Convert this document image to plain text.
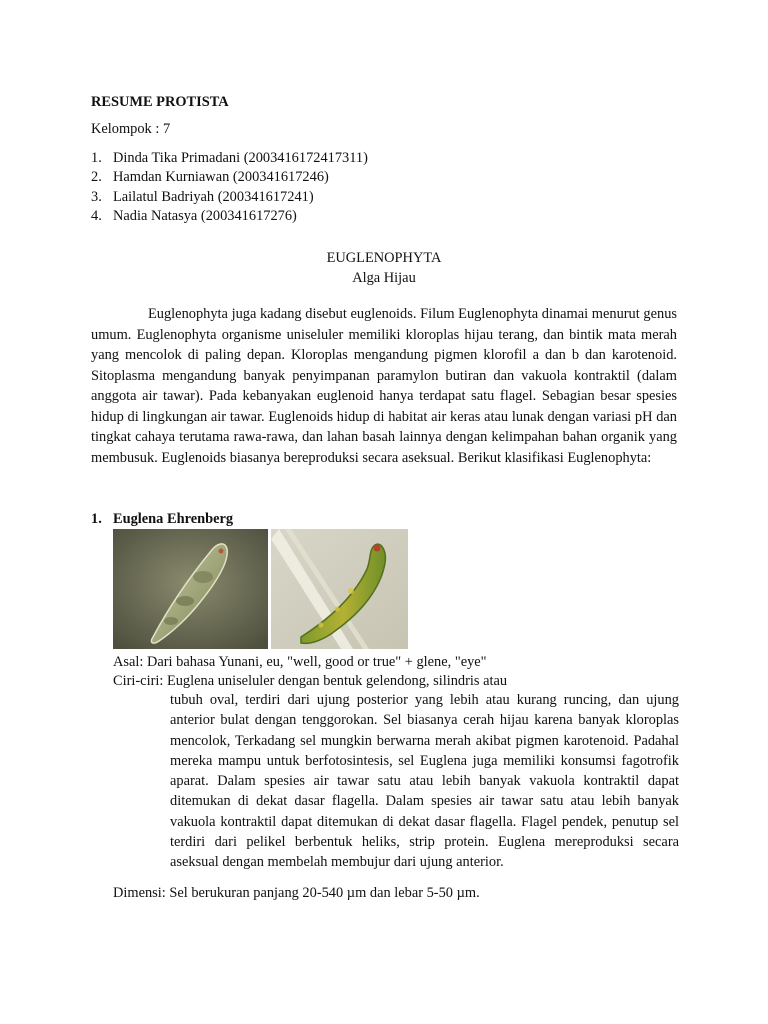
RESUME PROTISTA
Kelompok : 7
1. Dinda Tika Primadani (2003416172417311)
2. Hamdan Kurniawan (200341617246)
3. Lailatul Badriyah (200341617241)
4. Nadia Natasya (200341617276)
EUGLENOPHYTA
Alga Hijau

Euglenophyta juga kadang disebut euglenoids. Filum Euglenophyta dinamai menurut genus umum. Euglenophyta organisme uniseluler memiliki kloroplas hijau terang, dan bintik mata merah yang mencolok di paling depan. Kloroplas mengandung pigmen klorofil a dan b dan karotenoid. Sitoplasma mengandung banyak penyimpanan paramylon butiran dan vakuola kontraktil (dalam anggota air tawar). Pada kebanyakan euglenoid hanya terdapat satu flagel. Sebagian besar spesies hidup di lingkungan air tawar. Euglenoids hidup di habitat air keras atau lunak dengan variasi pH dan tingkat cahaya terutama rawa-rawa, dan lahan basah lainnya dengan kelimpahan bahan organik yang membusuk. Euglenoids biasanya bereproduksi secara aseksual. Berikut klasifikasi Euglenophyta:

1. Euglena Ehrenberg
Asal: Dari bahasa Yunani, eu, "well, good or true" + glene, "eye"
Ciri-ciri: Euglena uniseluler dengan bentuk gelendong, silindris atau

tubuh oval, terdiri dari ujung posterior yang lebih atau kurang runcing, dan ujung anterior bulat dengan tenggorokan. Sel biasanya cerah hijau karena banyak kloroplas mencolok, Terkadang sel mungkin berwarna merah akibat pigmen karotenoid. Padahal mereka mampu untuk berfotosintesis, sel Euglena juga memiliki konsumsi fagotrofik aparat. Dalam spesies air tawar satu atau lebih banyak vakuola kontraktil dapat ditemukan di dekat dasar flagella. Dalam spesies air tawar satu atau lebih banyak vakuola kontraktil dapat ditemukan di dekat dasar flagella. Flagel pendek, penutup sel terdiri dari pelikel berbentuk heliks, strip protein. Euglena mereproduksi secara aseksual dengan membelah membujur dari ujung anterior.

Dimensi: Sel berukuran panjang 20-540 µm dan lebar 5-50 µm.
